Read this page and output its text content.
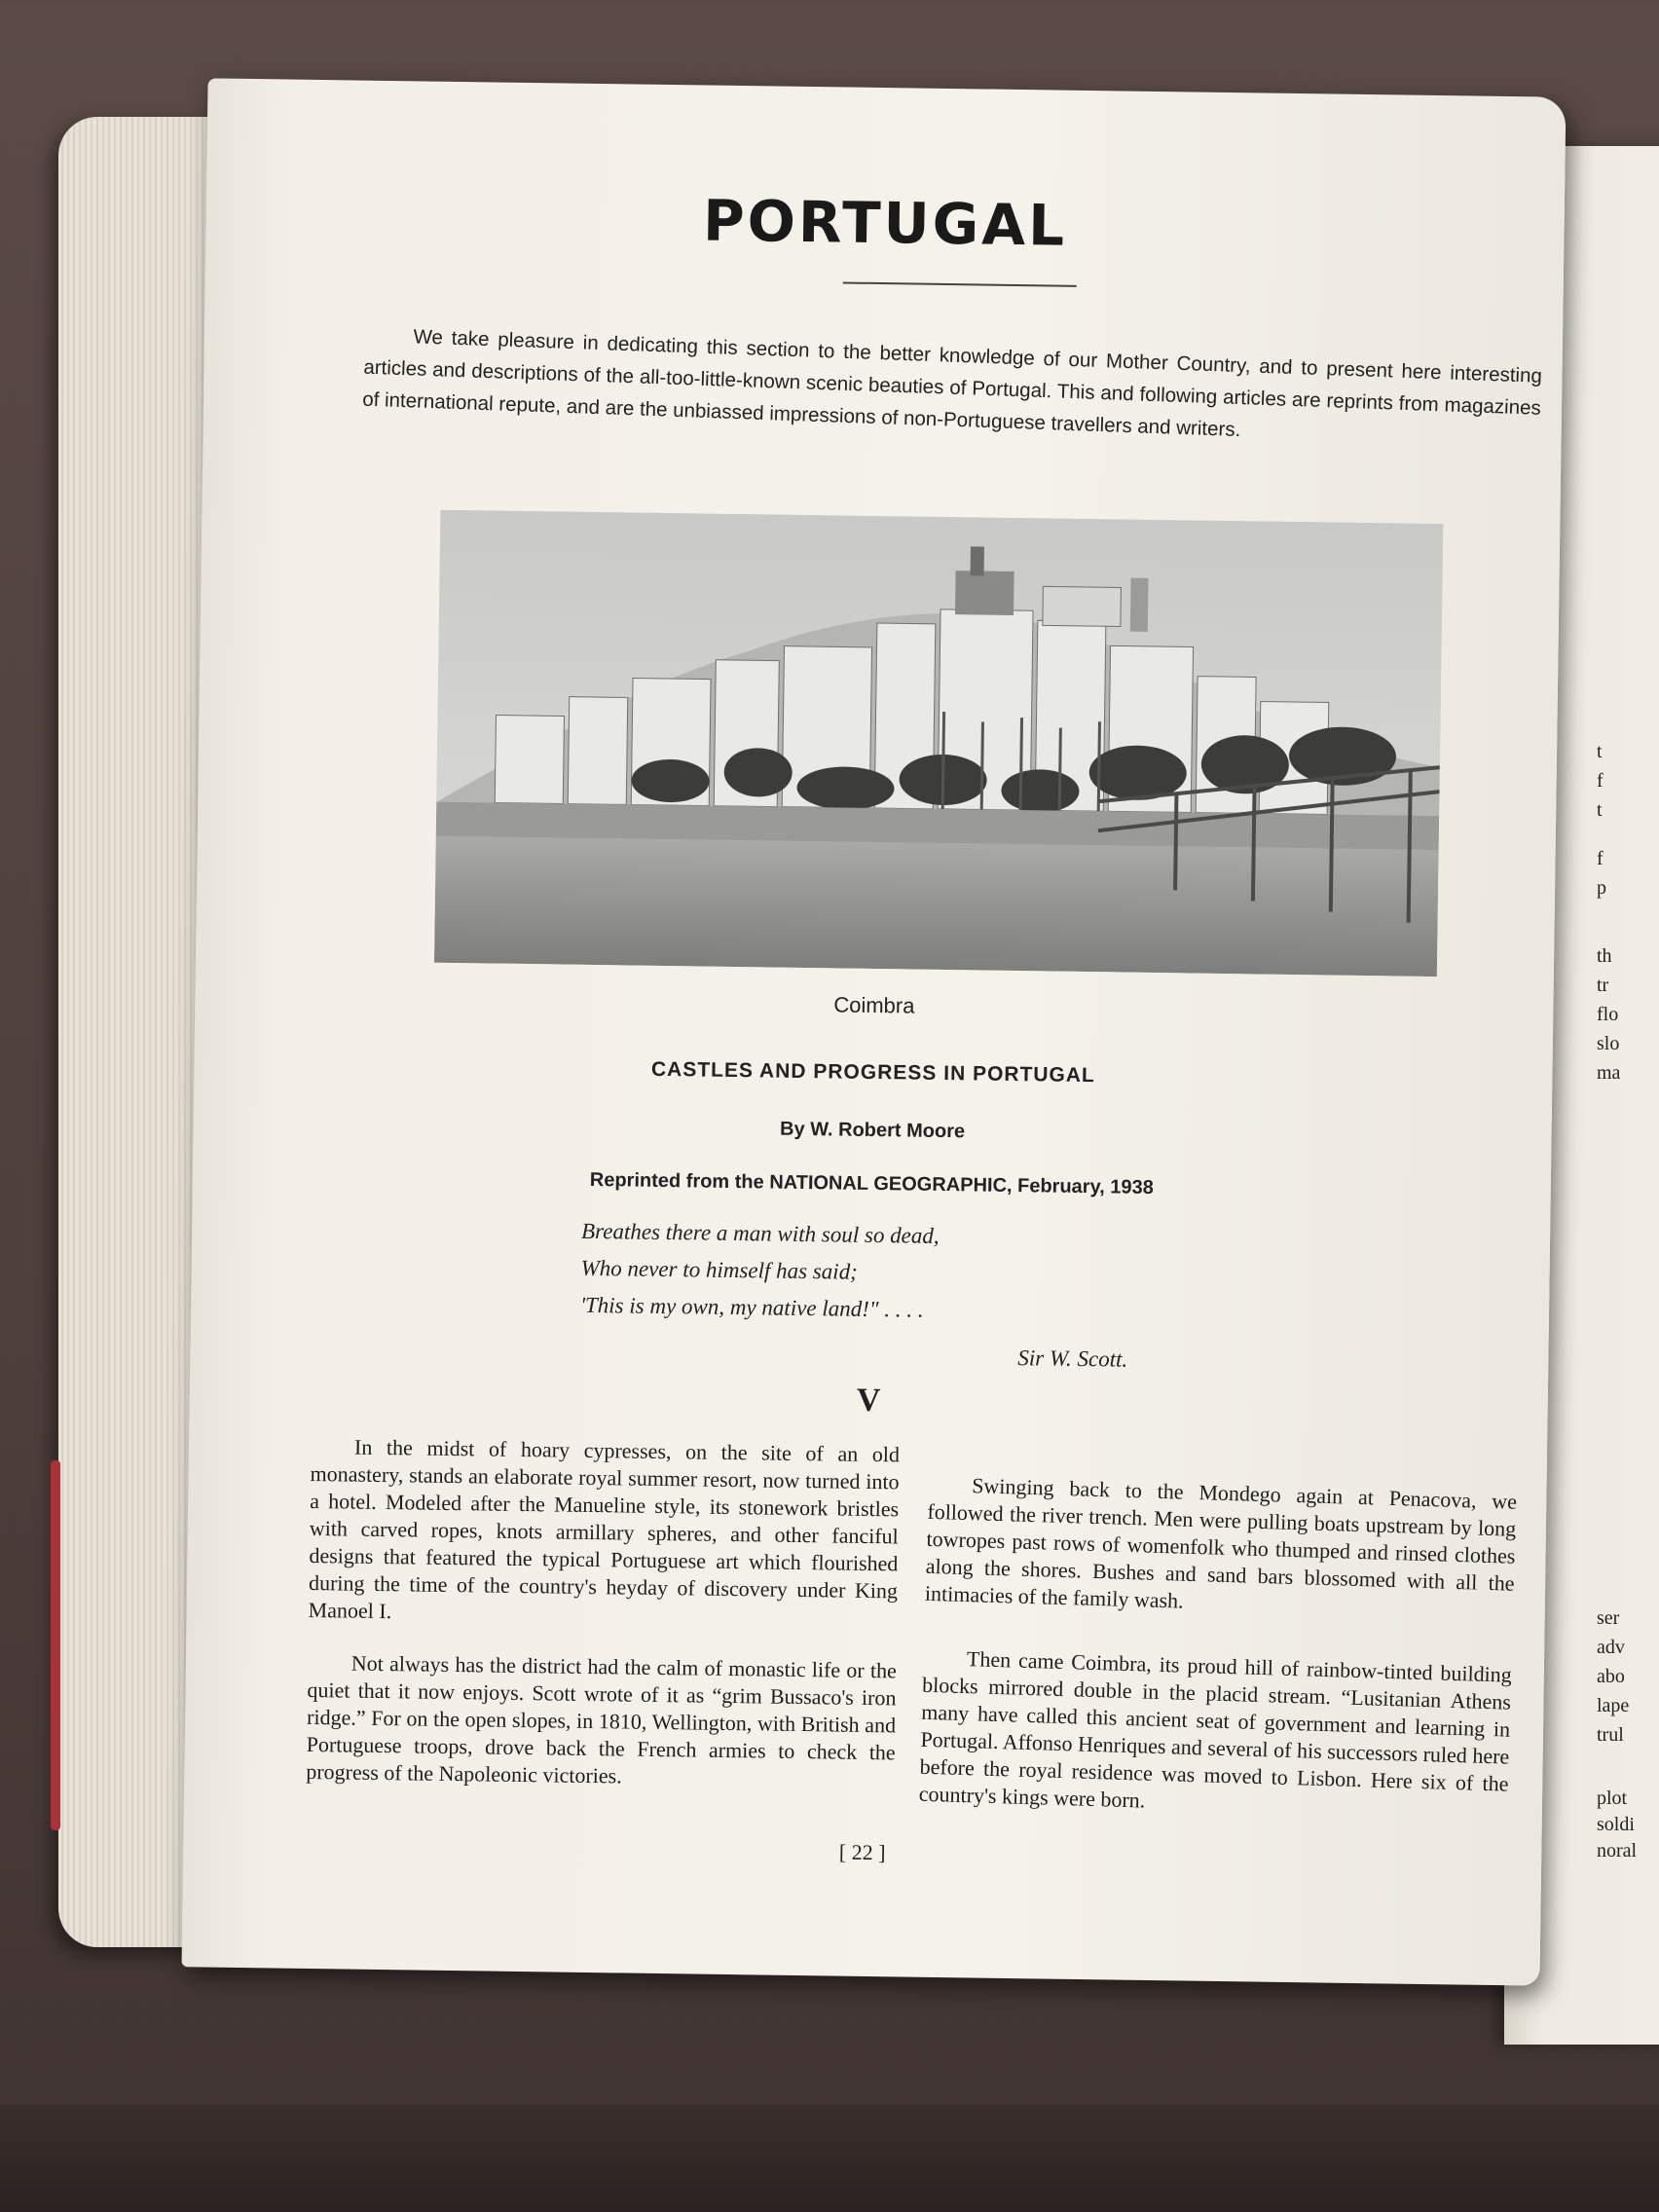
t
f
t
f
p
th
tr
flo
slo
ma
ser
adv
abo
lape
trul
plot
soldi
noral
PORTUGAL
We take pleasure in dedicating this section to the better knowledge of our Mother Country, and to present here interesting articles and descriptions of the all-too-little-known scenic beauties of Portugal. This and following articles are reprints from magazines of international repute, and are the unbiassed impressions of non-Portuguese travellers and writers.
Coimbra
CASTLES AND PROGRESS IN PORTUGAL
By W. Robert Moore
Reprinted from the NATIONAL GEOGRAPHIC, February, 1938
Breathes there a man with soul so dead,
Who never to himself has said;
'This is my own, my native land!" . . . .
Sir W. Scott.
V

In the midst of hoary cypresses, on the site of an old monastery, stands an elaborate royal summer resort, now turned into a hotel. Modeled after the Manueline style, its stonework bristles with carved ropes, knots armillary spheres, and other fanciful designs that featured the typical Portuguese art which flourished during the time of the country's heyday of discovery under King Manoel I.

Not always has the district had the calm of monastic life or the quiet that it now enjoys. Scott wrote of it as “grim Bussaco's iron ridge.” For on the open slopes, in 1810, Wellington, with British and Portuguese troops, drove back the French armies to check the progress of the Napoleonic victories.

Swinging back to the Mondego again at Penacova, we followed the river trench. Men were pulling boats upstream by long towropes past rows of womenfolk who thumped and rinsed clothes along the shores. Bushes and sand bars blossomed with all the intimacies of the family wash.

Then came Coimbra, its proud hill of rainbow-tinted building blocks mirrored double in the placid stream. “Lusitanian Athens many have called this ancient seat of government and learning in Portugal. Affonso Henriques and several of his successors ruled here before the royal residence was moved to Lisbon. Here six of the country's kings were born.

[ 22 ]
